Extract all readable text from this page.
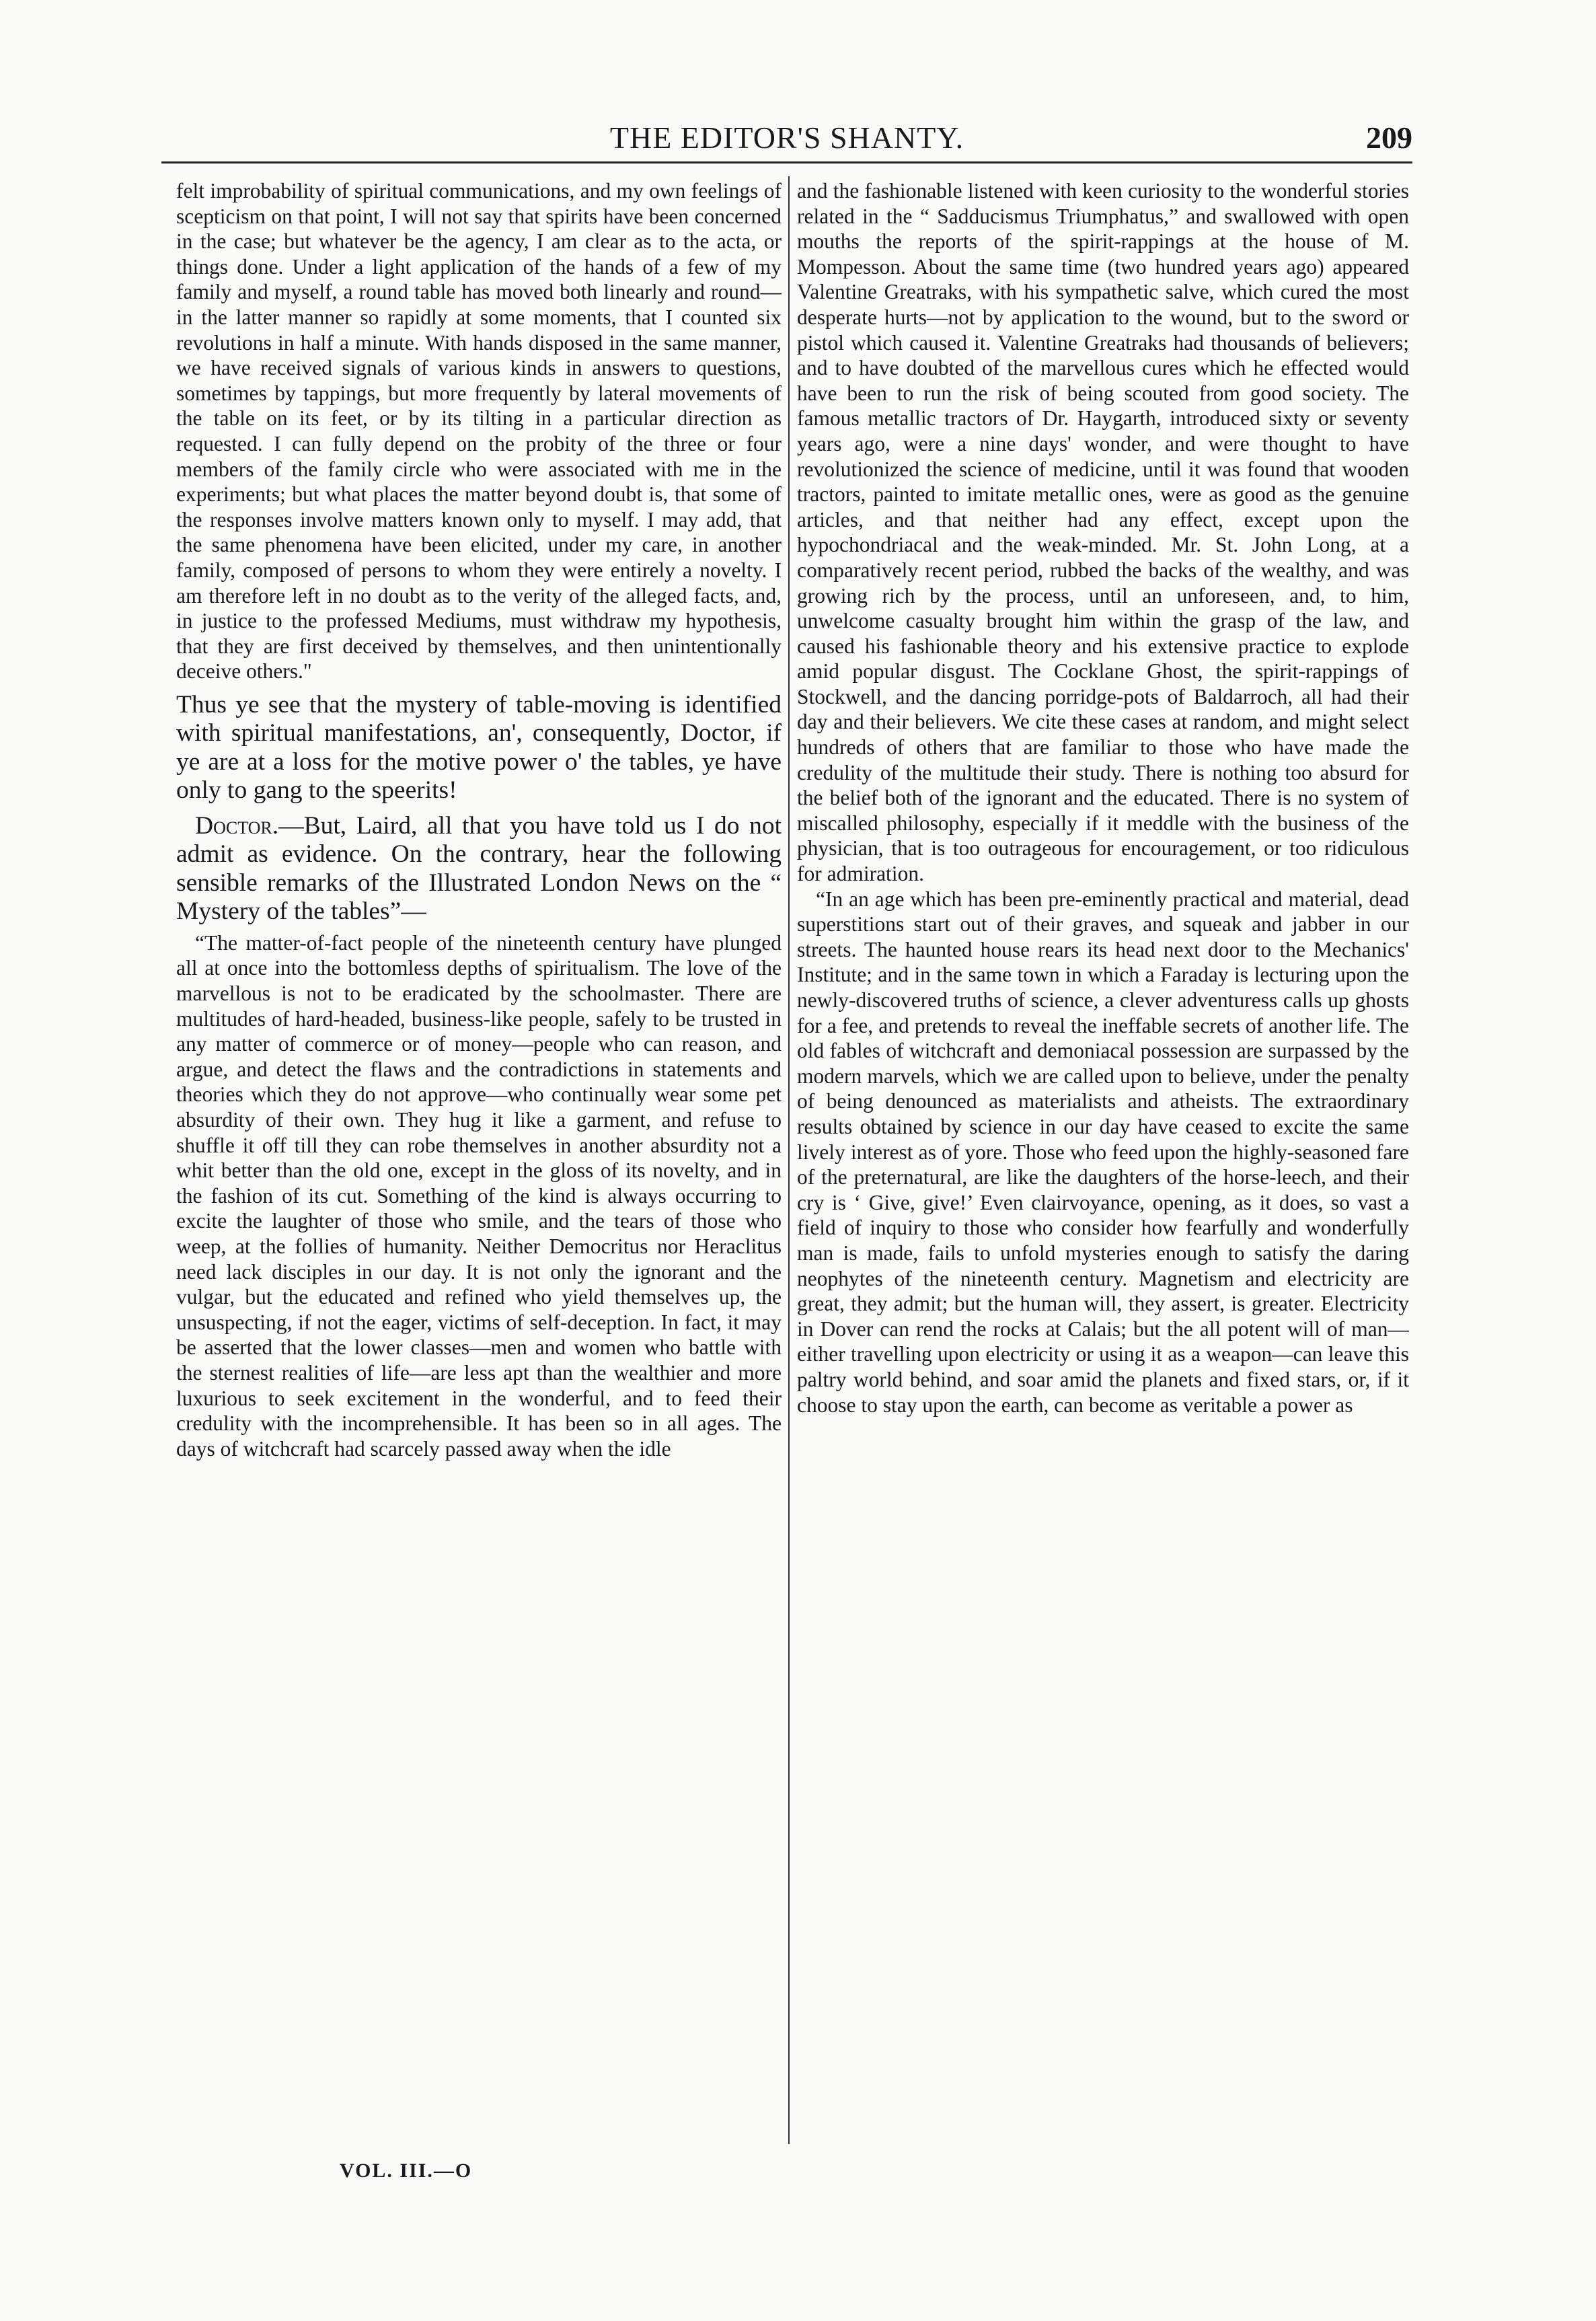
THE EDITOR'S SHANTY.	209

felt improbability of spiritual communications, and my own feelings of scepticism on that point, I will not say that spirits have been concerned in the case; but whatever be the agency, I am clear as to the acta, or things done. Under a light application of the hands of a few of my family and myself, a round table has moved both linearly and round—in the latter manner so rapidly at some moments, that I counted six revolutions in half a minute. With hands disposed in the same manner, we have received signals of various kinds in answers to questions, sometimes by tappings, but more frequently by lateral movements of the table on its feet, or by its tilting in a particular direction as requested. I can fully depend on the probity of the three or four members of the family circle who were associated with me in the experiments; but what places the matter beyond doubt is, that some of the responses involve matters known only to myself. I may add, that the same phenomena have been elicited, under my care, in another family, composed of persons to whom they were entirely a novelty. I am therefore left in no doubt as to the verity of the alleged facts, and, in justice to the professed Mediums, must withdraw my hypothesis, that they are first deceived by themselves, and then unintentionally deceive others."

Thus ye see that the mystery of table-moving is identified with spiritual manifestations, an', consequently, Doctor, if ye are at a loss for the motive power o' the tables, ye have only to gang to the speerits!

Doctor.—But, Laird, all that you have told us I do not admit as evidence. On the contrary, hear the following sensible remarks of the Illustrated London News on the “ Mystery of the tables”—

“The matter-of-fact people of the nineteenth century have plunged all at once into the bottomless depths of spiritualism. The love of the marvellous is not to be eradicated by the schoolmaster. There are multitudes of hard-headed, business-like people, safely to be trusted in any matter of commerce or of money—people who can reason, and argue, and detect the flaws and the contradictions in statements and theories which they do not approve—who continually wear some pet absurdity of their own. They hug it like a garment, and refuse to shuffle it off till they can robe themselves in another absurdity not a whit better than the old one, except in the gloss of its novelty, and in the fashion of its cut. Something of the kind is always occurring to excite the laughter of those who smile, and the tears of those who weep, at the follies of humanity. Neither Democritus nor Heraclitus need lack disciples in our day. It is not only the ignorant and the vulgar, but the educated and refined who yield themselves up, the unsuspecting, if not the eager, victims of self-deception. In fact, it may be asserted that the lower classes—men and women who battle with the sternest realities of life—are less apt than the wealthier and more luxurious to seek excitement in the wonderful, and to feed their credulity with the incomprehensible. It has been so in all ages. The days of witchcraft had scarcely passed away when the idle

and the fashionable listened with keen curiosity to the wonderful stories related in the “ Sadducismus Triumphatus,” and swallowed with open mouths the reports of the spirit-rappings at the house of M. Mompesson. About the same time (two hundred years ago) appeared Valentine Greatraks, with his sympathetic salve, which cured the most desperate hurts—not by application to the wound, but to the sword or pistol which caused it. Valentine Greatraks had thousands of believers; and to have doubted of the marvellous cures which he effected would have been to run the risk of being scouted from good society. The famous metallic tractors of Dr. Haygarth, introduced sixty or seventy years ago, were a nine days' wonder, and were thought to have revolutionized the science of medicine, until it was found that wooden tractors, painted to imitate metallic ones, were as good as the genuine articles, and that neither had any effect, except upon the hypochondriacal and the weak-minded. Mr. St. John Long, at a comparatively recent period, rubbed the backs of the wealthy, and was growing rich by the process, until an unforeseen, and, to him, unwelcome casualty brought him within the grasp of the law, and caused his fashionable theory and his extensive practice to explode amid popular disgust. The Cocklane Ghost, the spirit-rappings of Stockwell, and the dancing porridge-pots of Baldarroch, all had their day and their believers. We cite these cases at random, and might select hundreds of others that are familiar to those who have made the credulity of the multitude their study. There is nothing too absurd for the belief both of the ignorant and the educated. There is no system of miscalled philosophy, especially if it meddle with the business of the physician, that is too outrageous for encouragement, or too ridiculous for admiration.

“In an age which has been pre-eminently practical and material, dead superstitions start out of their graves, and squeak and jabber in our streets. The haunted house rears its head next door to the Mechanics' Institute; and in the same town in which a Faraday is lecturing upon the newly-discovered truths of science, a clever adventuress calls up ghosts for a fee, and pretends to reveal the ineffable secrets of another life. The old fables of witchcraft and demoniacal possession are surpassed by the modern marvels, which we are called upon to believe, under the penalty of being denounced as materialists and atheists. The extraordinary results obtained by science in our day have ceased to excite the same lively interest as of yore. Those who feed upon the highly-seasoned fare of the preternatural, are like the daughters of the horse-leech, and their cry is ‘ Give, give!’ Even clairvoyance, opening, as it does, so vast a field of inquiry to those who consider how fearfully and wonderfully man is made, fails to unfold mysteries enough to satisfy the daring neophytes of the nineteenth century. Magnetism and electricity are great, they admit; but the human will, they assert, is greater. Electricity in Dover can rend the rocks at Calais; but the all potent will of man—either travelling upon electricity or using it as a weapon—can leave this paltry world behind, and soar amid the planets and fixed stars, or, if it choose to stay upon the earth, can become as veritable a power as

VOL. III.—O
